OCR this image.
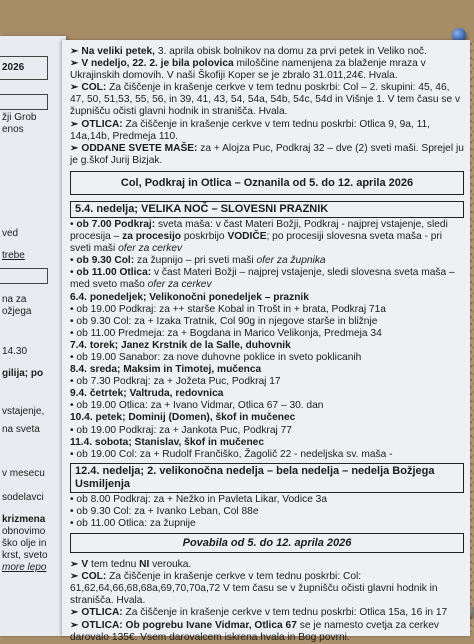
2026
žji Grob
enos
ved
trebe
na za
ožjega
14.30
gilija; po
vstajenje,
na sveta
v mesecu
sodelavci
krizmena
obnovimo
ško olje in
krst, sveto
more lepo

➢ Na veliki petek, 3. aprila obisk bolnikov na domu za prvi petek in Veliko noč.

➢ V nedeljo, 22. 2. je bila polovica miloščine namenjena za blaženje mraza v Ukrajinskih domovih. V naši Škofiji Koper se je zbralo 31.011,24€. Hvala.

➢ COL: Za čiščenje in krašenje cerkve v tem tednu poskrbi: Col – 2. skupini: 45, 46, 47, 50, 51,53, 55, 56, in 39, 41, 43, 54, 54a, 54b, 54c, 54d in Višnje 1. V tem času se v župnišču očisti glavni hodnik in stranišča. Hvala.

➢ OTLICA: Za čiščenje in krašenje cerkve v tem tednu poskrbi: Otlica 9, 9a, 11, 14a,14b, Predmeja 110.

➢ ODDANE SVETE MAŠE: za + Alojza Puc, Podkraj 32 – dve (2) sveti maši. Sprejel ju je g.škof Jurij Bizjak.

Col, Podkraj in Otlica – Oznanila od 5. do 12. aprila 2026
5.4. nedelja; VELIKA NOČ – SLOVESNI PRAZNIK

• ob 7.00 Podkraj: sveta maša: v čast Materi Božji, Podkraj - najprej vstajenje, sledi procesija – za procesijo poskrbijo VODIČE; po procesiji slovesna sveta maša - pri sveti maši ofer za cerkev

• ob 9.30 Col: za župnijo – pri sveti maši ofer za župnika

• ob 11.00 Otlica: v čast Materi Božji – najprej vstajenje, sledi slovesna sveta maša – med sveto mašo ofer za cerkev

6.4. ponedeljek; Velikonočni ponedeljek – praznik

• ob 19.00 Podkraj: za ++ starše Kobal in Trošt in + brata, Podkraj 71a

• ob 9.30 Col: za + Izaka Tratnik, Col 90g in njegove starše in bližnje

• ob 11.00 Predmeja: za + Bogdana in Marico Velikonja, Predmeja 34

7.4. torek; Janez Krstnik de la Salle, duhovnik

• ob 19.00 Sanabor: za nove duhovne poklice in sveto poklicanih

8.4. sreda; Maksim in Timotej, mučenca

• ob 7.30 Podkraj: za + Jožeta Puc, Podkraj 17

9.4. četrtek; Valtruda, redovnica

• ob 19.00 Otlica: za + Ivano Vidmar, Otlica 67 – 30. dan

10.4. petek; Dominij (Domen), škof in mučenec

• ob 19.00 Podkraj: za + Jankota Puc, Podkraj 77

11.4. sobota; Stanislav, škof in mučenec

• ob 19.00 Col: za + Rudolf Frančiško, Žagolič 22 - nedeljska sv. maša -

12.4. nedelja; 2. velikonočna nedelja – bela nedelja – nedelja Božjega Usmiljenja

• ob 8.00 Podkraj: za + Nežko in Pavleta Likar, Vodice 3a

• ob 9.30 Col: za + Ivanko Leban, Col 88e

• ob 11.00 Otlica: za župnije

Povabila od 5. do 12. aprila 2026

➢ V tem tednu NI verouka.

➢ COL: Za čiščenje in krašenje cerkve v tem tednu poskrbi: Col: 61,62,64,66,68,68a,69,70,70a,72 V tem času se v župnišču očisti glavni hodnik in stranišča. Hvala.

➢ OTLICA: Za čiščenje in krašenje cerkve v tem tednu poskrbi: Otlica 15a, 16 in 17

➢ OTLICA: Ob pogrebu Ivane Vidmar, Otlica 67 se je namesto cvetja za cerkev darovalo 135€. Vsem darovalcem iskrena hvala in Bog povrni.
